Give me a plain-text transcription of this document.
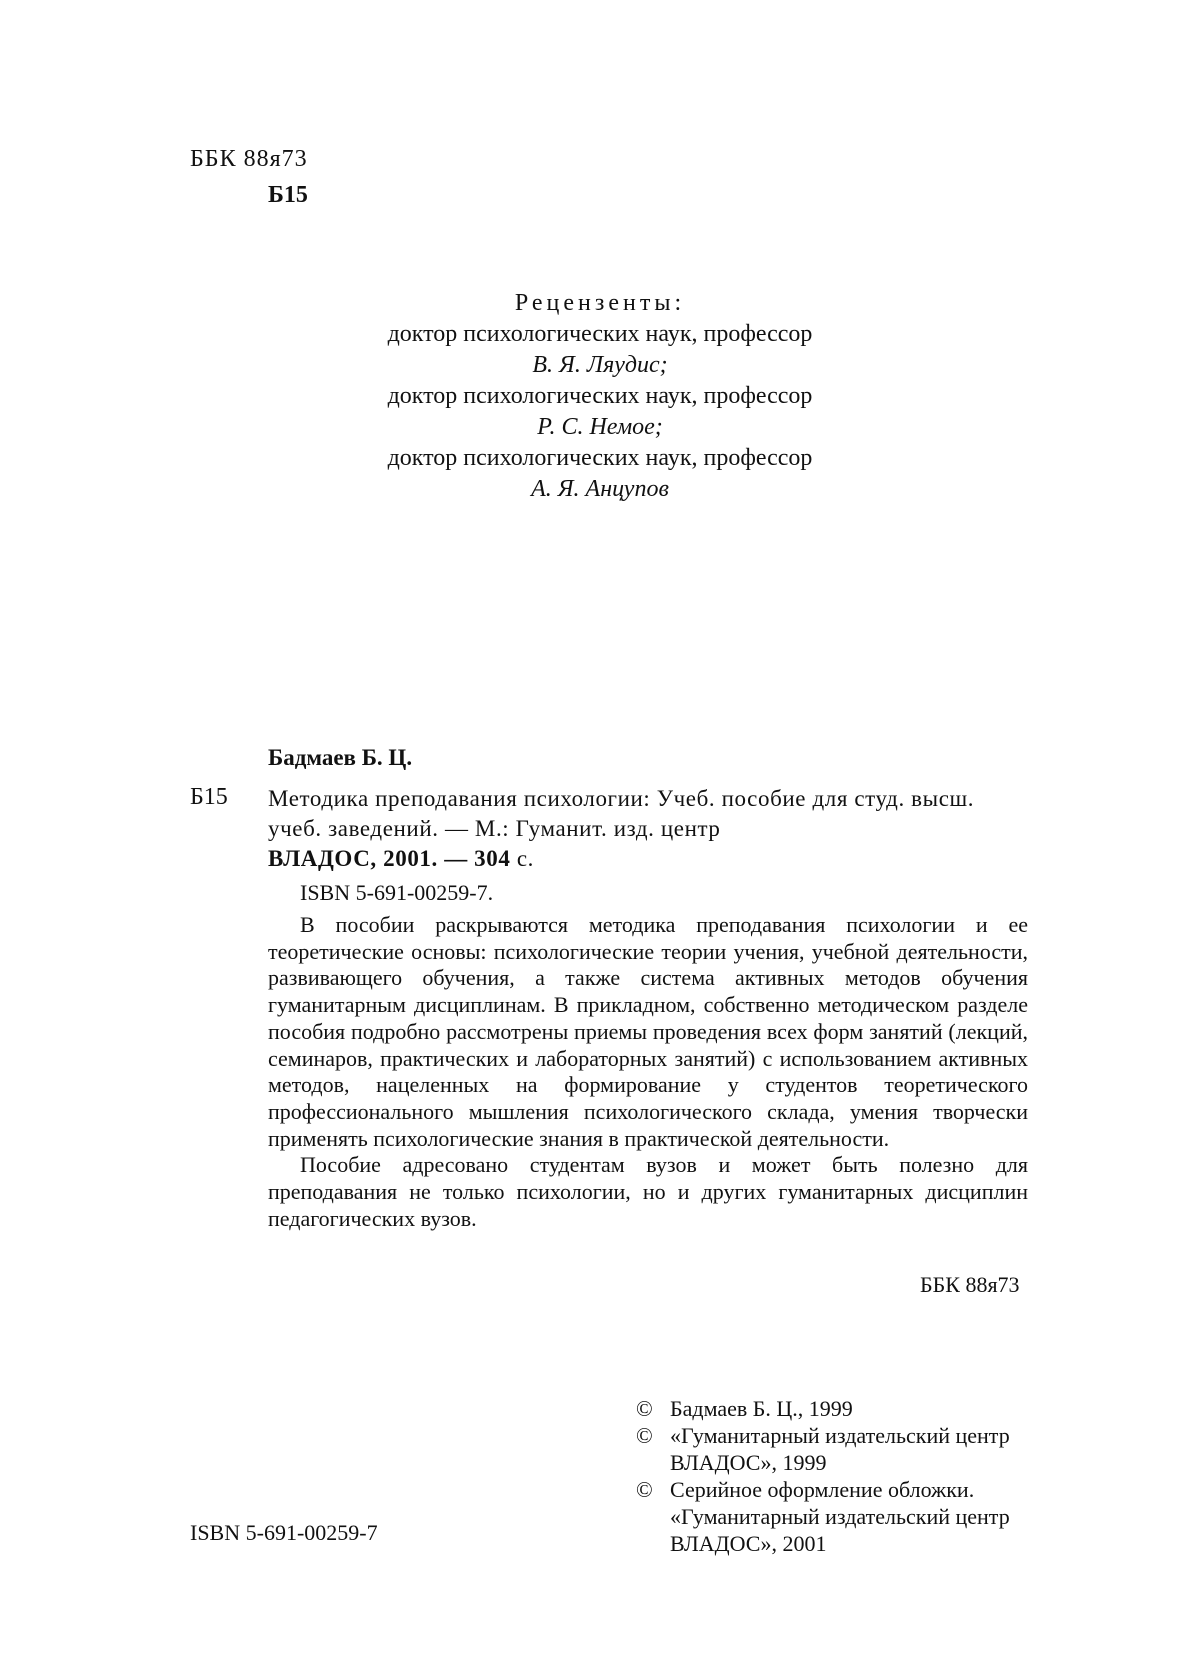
ББК 88я73
Б15
Рецензенты:
доктор психологических наук, профессор
В. Я. Ляудис;
доктор психологических наук, профессор
Р. С. Немое;
доктор психологических наук, профессор
А. Я. Анцупов
Бадмаев Б. Ц.
Б15 Методика преподавания психологии: Учеб. пособие для студ. высш. учеб. заведений. — М.: Гуманит. изд. центр
ВЛАДОС, 2001. — 304 с.
ISBN 5-691-00259-7.

В пособии раскрываются методика преподавания психологии и ее теоретические основы: психологические теории учения, учебной деятельности, развивающего обучения, а также система активных методов обучения гуманитарным дисциплинам. В прикладном, собственно методическом разделе пособия подробно рассмотрены приемы проведения всех форм занятий (лекций, семинаров, практических и лабораторных занятий) с использованием активных методов, нацеленных на формирование у студентов теоретического профессионального мышления психологического склада, умения творчески применять психологические знания в практической деятельности.

Пособие адресовано студентам вузов и может быть полезно для преподавания не только психологии, но и других гуманитарных дисциплин педагогических вузов.

ББК 88я73
© Бадмаев Б. Ц., 1999
© «Гуманитарный издательский центр ВЛАДОС», 1999
© Серийное оформление обложки. «Гуманитарный издательский центр ВЛАДОС», 2001
ISBN 5-691-00259-7
